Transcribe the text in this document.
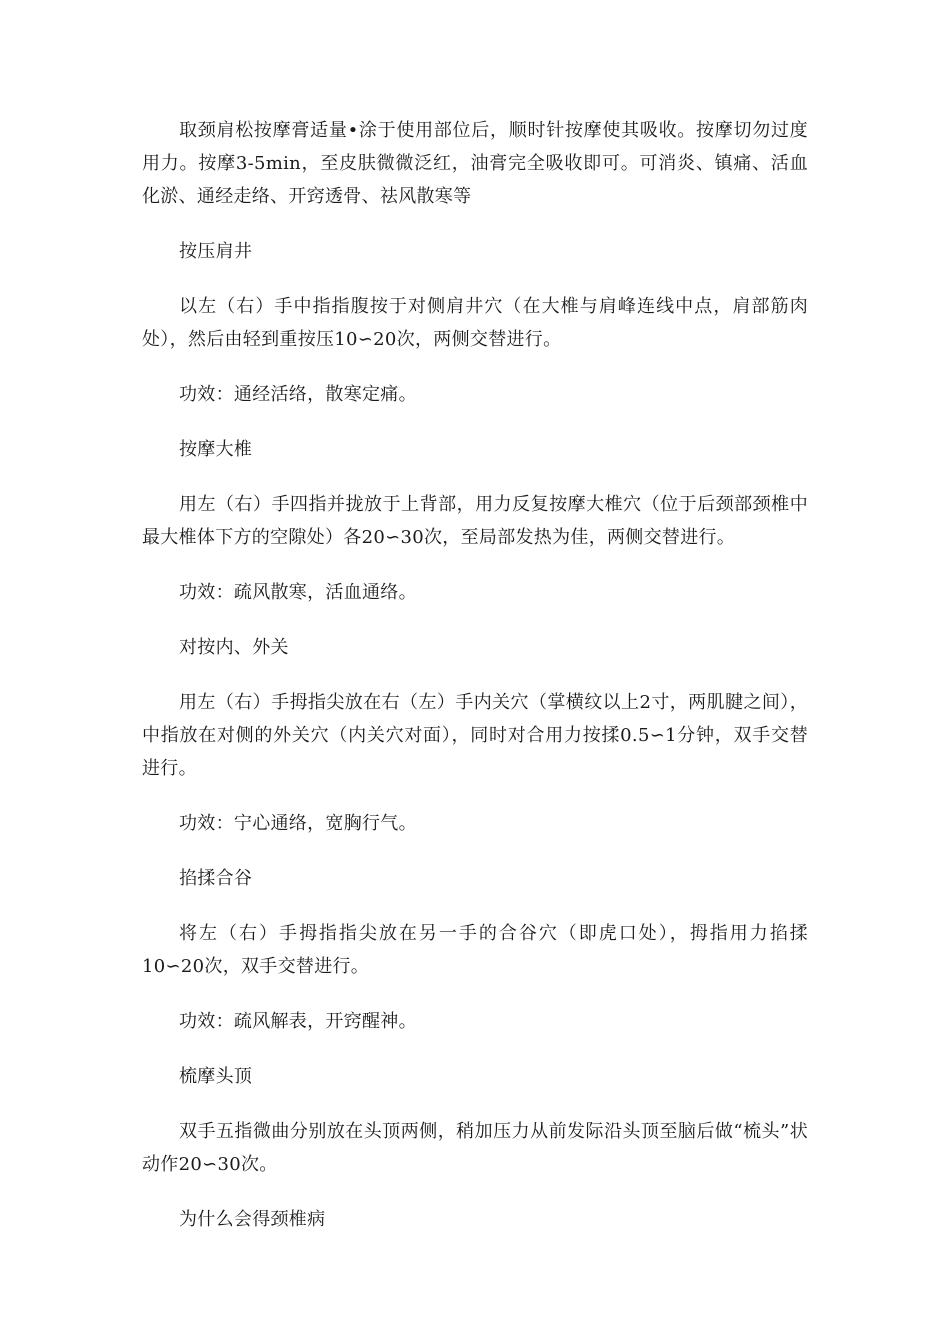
取颈肩松按摩膏适量•涂于使用部位后，顺时针按摩使其吸收。按摩切勿过度用力。按摩3-5min，至皮肤微微泛红，油膏完全吸收即可。可消炎、镇痛、活血化淤、通经走络、开窍透骨、祛风散寒等

按压肩井

以左（右）手中指指腹按于对侧肩井穴（在大椎与肩峰连线中点，肩部筋肉处），然后由轻到重按压10∽20次，两侧交替进行。

功效：通经活络，散寒定痛。

按摩大椎

用左（右）手四指并拢放于上背部，用力反复按摩大椎穴（位于后颈部颈椎中最大椎体下方的空隙处）各20∽30次，至局部发热为佳，两侧交替进行。

功效：疏风散寒，活血通络。

对按内、外关

用左（右）手拇指尖放在右（左）手内关穴（掌横纹以上2寸，两肌腱之间），中指放在对侧的外关穴（内关穴对面），同时对合用力按揉0.5∽1分钟，双手交替进行。

功效：宁心通络，宽胸行气。

掐揉合谷

将左（右）手拇指指尖放在另一手的合谷穴（即虎口处），拇指用力掐揉10∽20次，双手交替进行。

功效：疏风解表，开窍醒神。

梳摩头顶

双手五指微曲分别放在头顶两侧，稍加压力从前发际沿头顶至脑后做“梳头”状动作20∽30次。

为什么会得颈椎病
